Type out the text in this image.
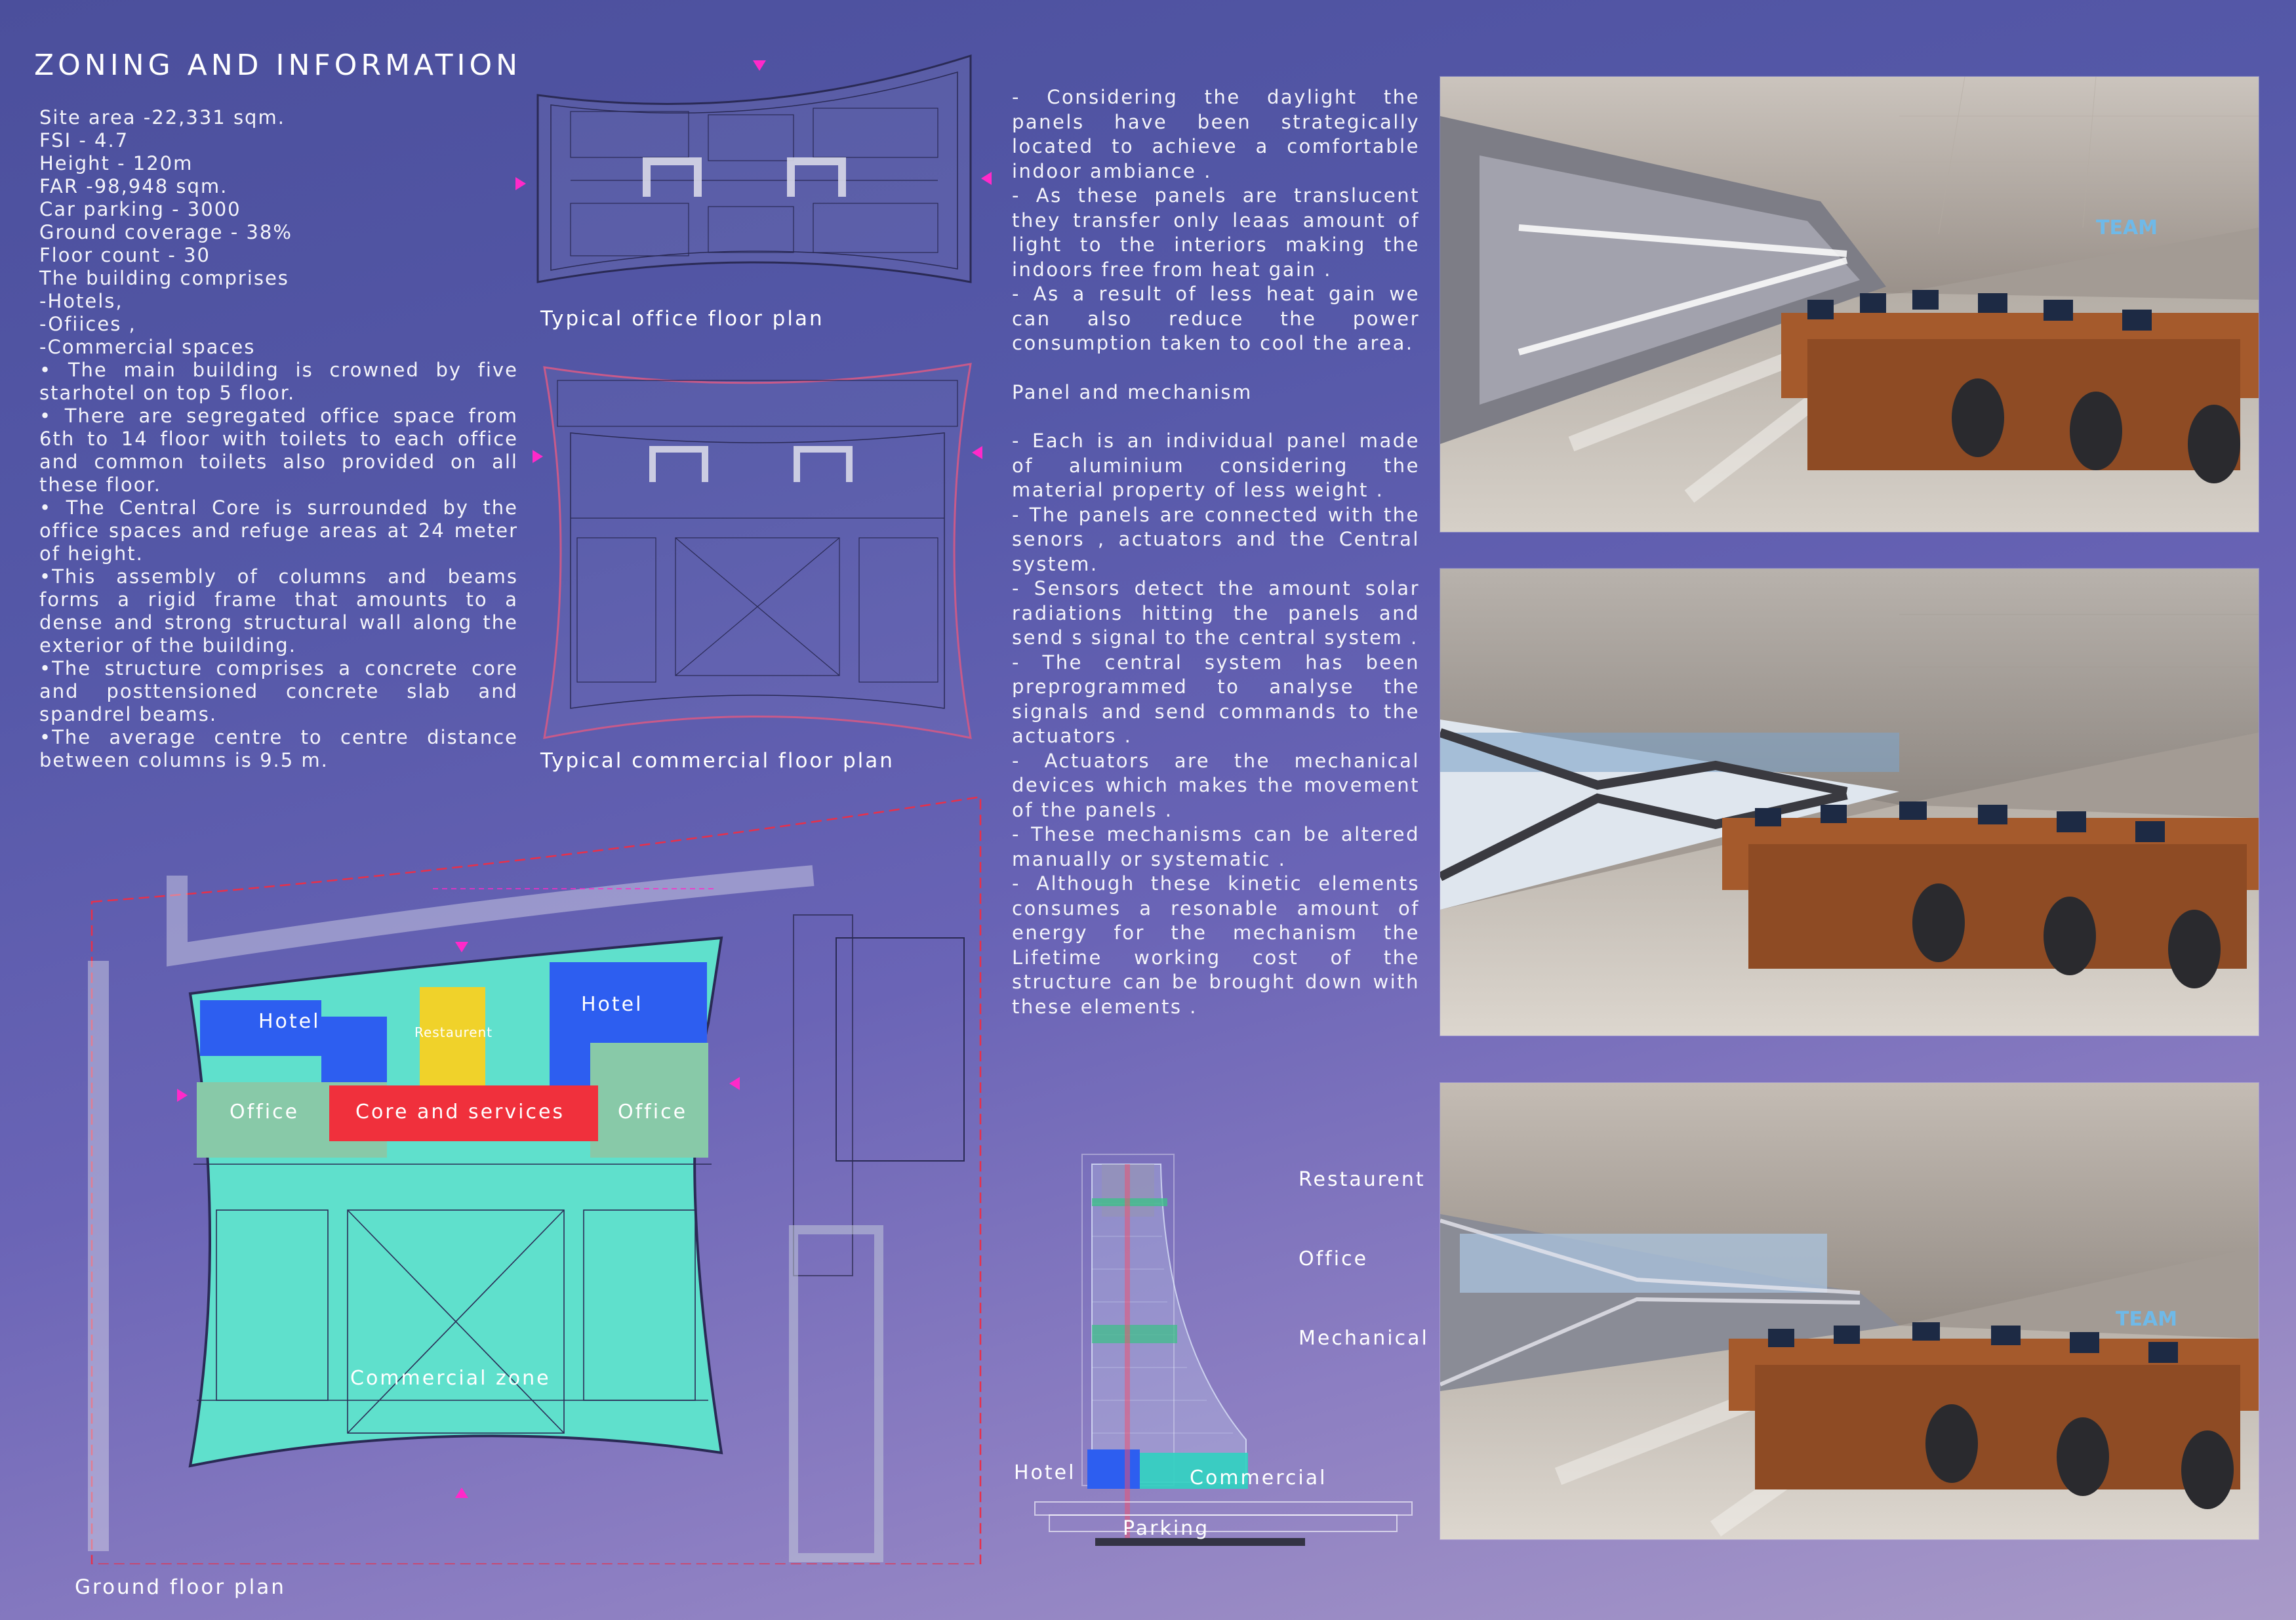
ZONING AND INFORMATION

Site area -22,331 sqm.

FSI - 4.7

Height - 120m

FAR -98,948 sqm.

Car parking - 3000

Ground coverage - 38%

Floor count - 30

The building comprises

-Hotels,

-Ofiices ,

-Commercial spaces

• The main building is crowned by five starhotel on top 5 floor.

• There are segregated office space from 6th to 14 floor with toilets to each office and common toilets also provided on all these floor.

• The Central Core is surrounded by the office spaces and refuge areas at 24 meter of height.

•This assembly of columns and beams forms a rigid frame that amounts to a dense and strong structural wall along the exterior of the building.

•The structure comprises a concrete core and posttensioned concrete slab and spandrel beams.

•The average centre to centre distance between columns is 9.5 m.

Typical office floor plan
Typical commercial floor plan
Hotel
Hotel
Restaurent
Office	Core and services	Office
Commercial zone
Ground floor plan

- Considering the daylight the panels have been strategically located to achieve a comfortable indoor ambiance .

- As these panels are translucent they transfer only leaas amount of light to the interiors making the indoors free from heat gain .

- As a result of less heat gain we can also reduce the power consumption taken to cool the area.

Panel and mechanism

- Each is an individual panel made of aluminium considering the material property of less weight .

- The panels are connected with the senors , actuators and the Central system.

- Sensors detect the amount solar radiations hitting the panels and send s signal to the central system .

- The central system has been preprogrammed to analyse the signals and send commands to the actuators .

- Actuators are the mechanical devices which makes the movement of the panels .

- These mechanisms can be altered manually or systematic .

- Although these kinetic elements consumes a resonable amount of energy for the mechanism the Lifetime working cost of the structure can be brought down with these elements .

Restaurent
Office
Mechanical
Hotel	Commercial
Parking
TEAM
TEAM
